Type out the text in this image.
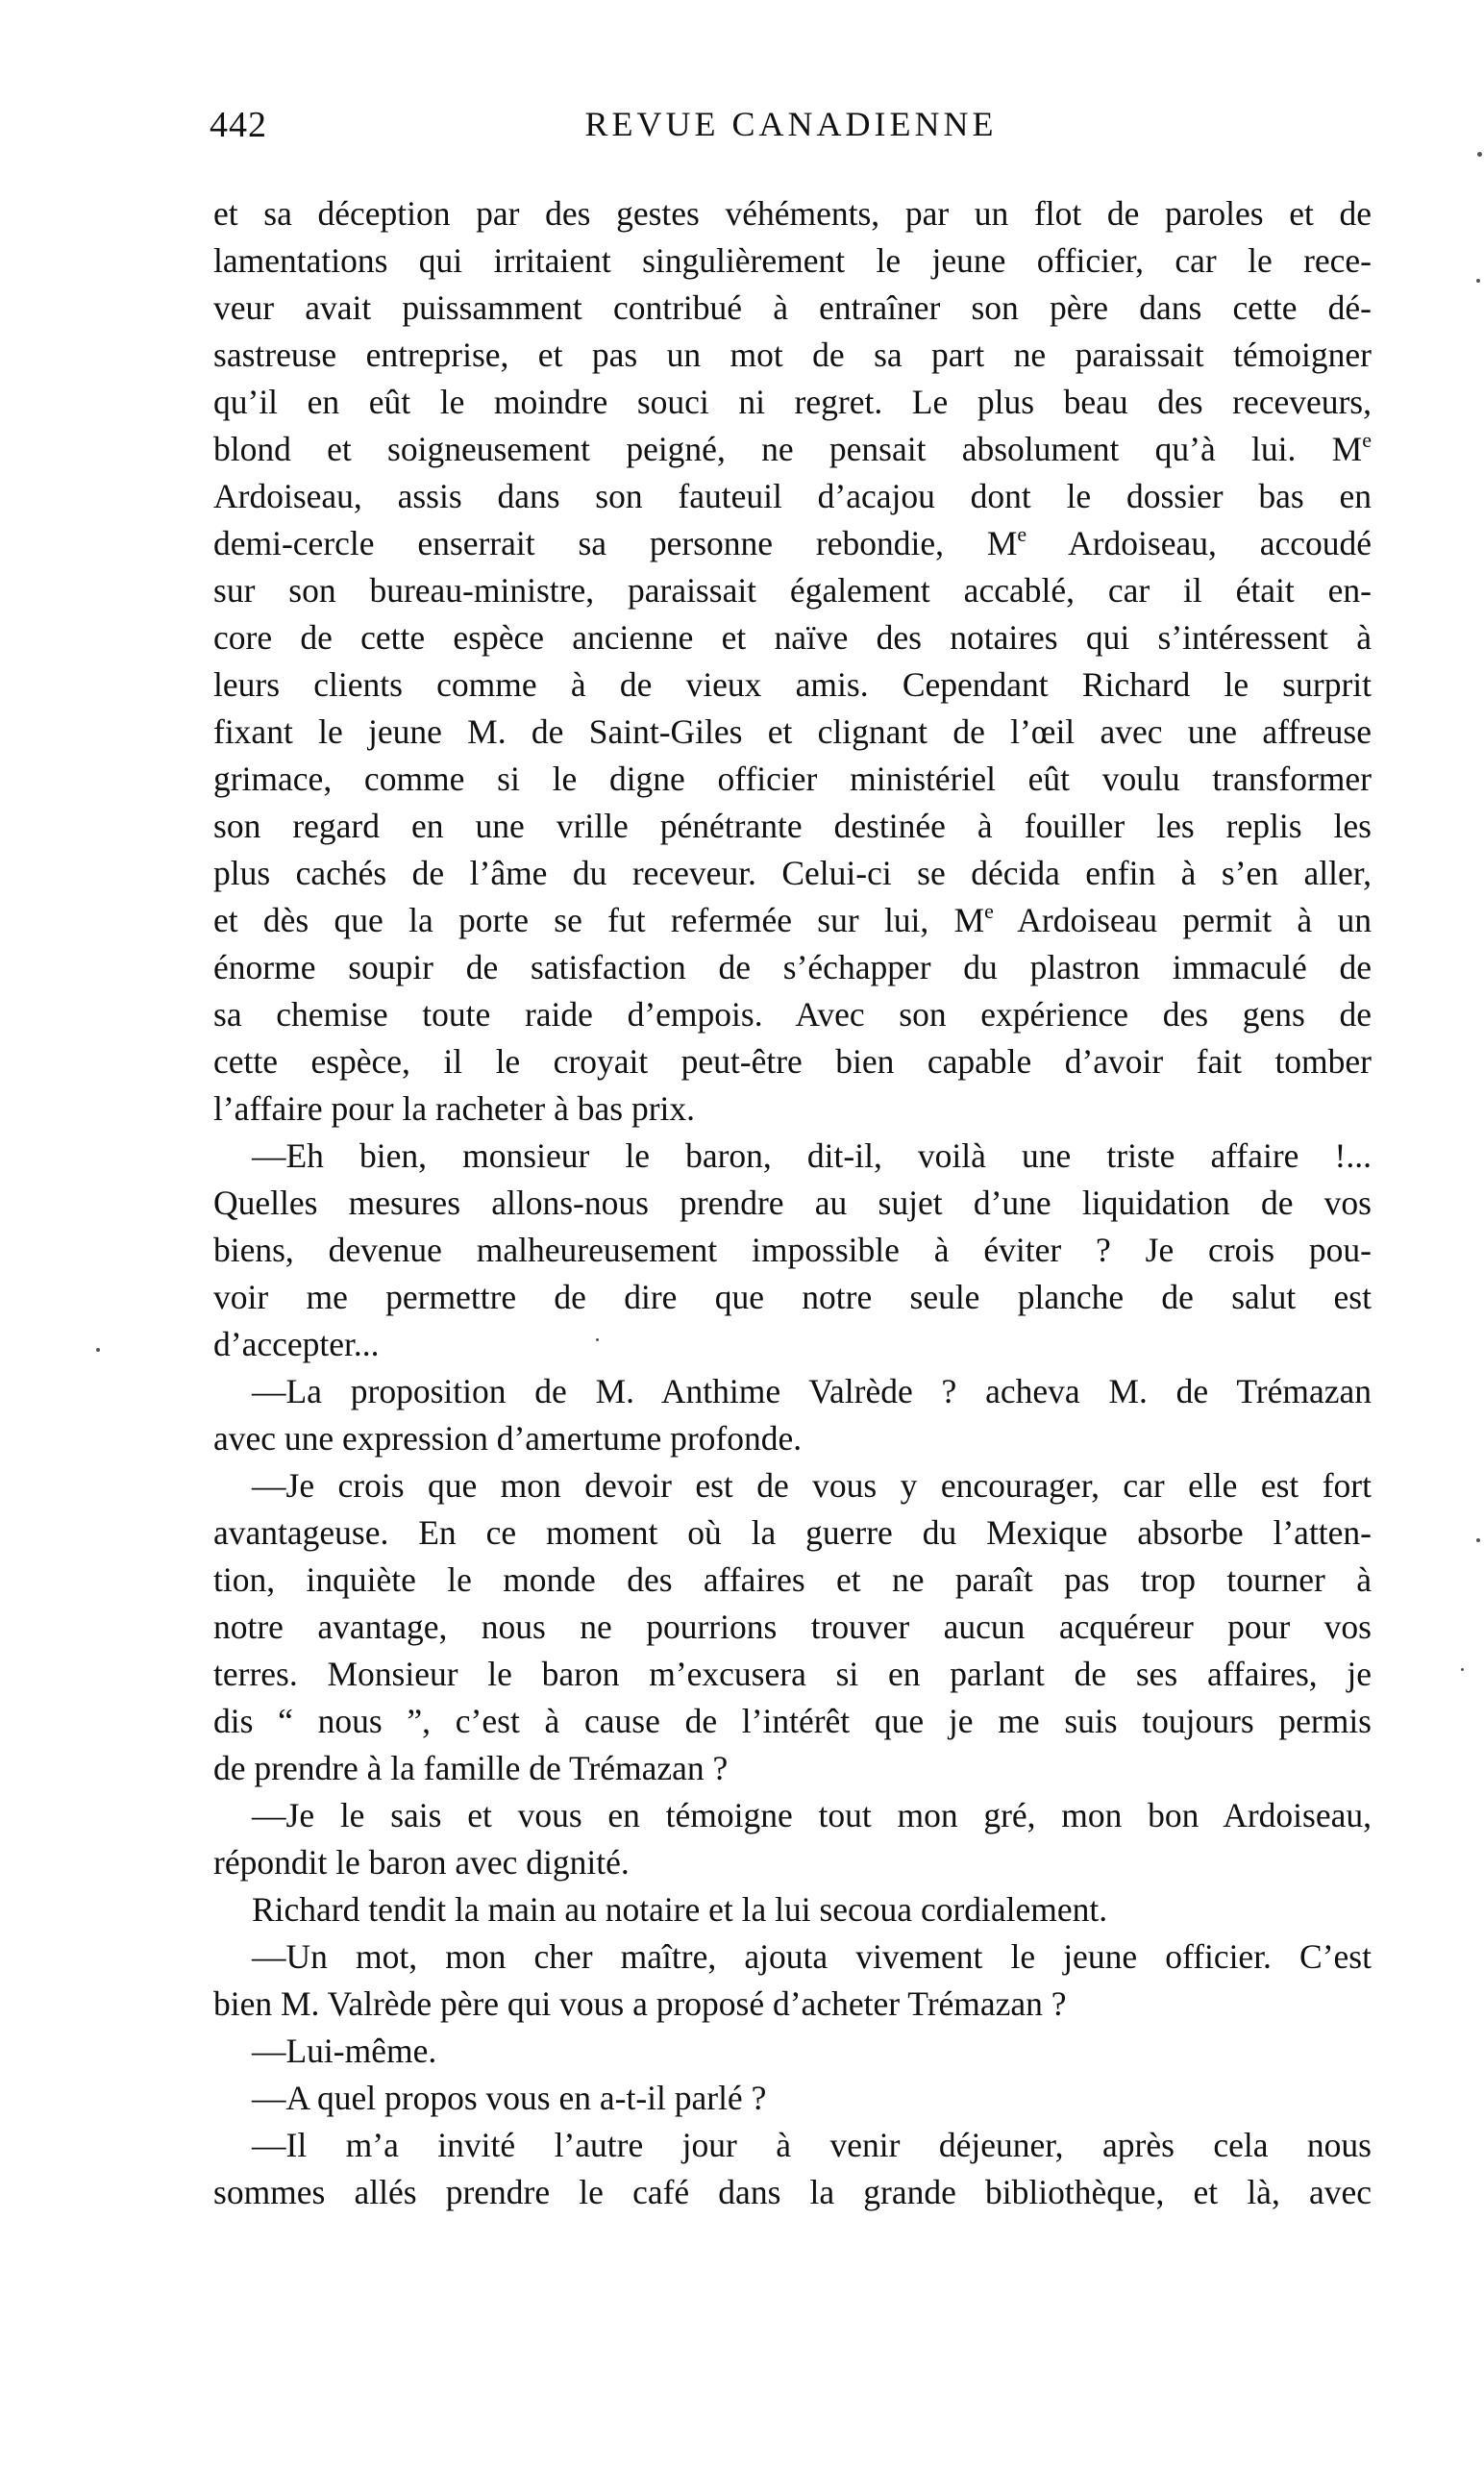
442	REVUE CANADIENNE

et sa déception par des gestes véhéments, par un flot de paroles et de

lamentations qui irritaient singulièrement le jeune officier, car le rece-

veur avait puissamment contribué à entraîner son père dans cette dé-

sastreuse entreprise, et pas un mot de sa part ne paraissait témoigner

qu’il en eût le moindre souci ni regret. Le plus beau des receveurs,

blond et soigneusement peigné, ne pensait absolument qu’à lui. Me

Ardoiseau, assis dans son fauteuil d’acajou dont le dossier bas en

demi-cercle enserrait sa personne rebondie, Me Ardoiseau, accoudé

sur son bureau-ministre, paraissait également accablé, car il était en-

core de cette espèce ancienne et naïve des notaires qui s’intéressent à

leurs clients comme à de vieux amis. Cependant Richard le surprit

fixant le jeune M. de Saint-Giles et clignant de l’œil avec une affreuse

grimace, comme si le digne officier ministériel eût voulu transformer

son regard en une vrille pénétrante destinée à fouiller les replis les

plus cachés de l’âme du receveur. Celui-ci se décida enfin à s’en aller,

et dès que la porte se fut refermée sur lui, Me Ardoiseau permit à un

énorme soupir de satisfaction de s’échapper du plastron immaculé de

sa chemise toute raide d’empois. Avec son expérience des gens de

cette espèce, il le croyait peut-être bien capable d’avoir fait tomber

l’affaire pour la racheter à bas prix.

—Eh bien, monsieur le baron, dit-il, voilà une triste affaire !...

Quelles mesures allons-nous prendre au sujet d’une liquidation de vos

biens, devenue malheureusement impossible à éviter ? Je crois pou-

voir me permettre de dire que notre seule planche de salut est

d’accepter...

—La proposition de M. Anthime Valrède ? acheva M. de Trémazan

avec une expression d’amertume profonde.

—Je crois que mon devoir est de vous y encourager, car elle est fort

avantageuse. En ce moment où la guerre du Mexique absorbe l’atten-

tion, inquiète le monde des affaires et ne paraît pas trop tourner à

notre avantage, nous ne pourrions trouver aucun acquéreur pour vos

terres. Monsieur le baron m’excusera si en parlant de ses affaires, je

dis “ nous ”, c’est à cause de l’intérêt que je me suis toujours permis

de prendre à la famille de Trémazan ?

—Je le sais et vous en témoigne tout mon gré, mon bon Ardoiseau,

répondit le baron avec dignité.

Richard tendit la main au notaire et la lui secoua cordialement.

—Un mot, mon cher maître, ajouta vivement le jeune officier. C’est

bien M. Valrède père qui vous a proposé d’acheter Trémazan ?

—Lui-même.

—A quel propos vous en a-t-il parlé ?

—Il m’a invité l’autre jour à venir déjeuner, après cela nous

sommes allés prendre le café dans la grande bibliothèque, et là, avec
